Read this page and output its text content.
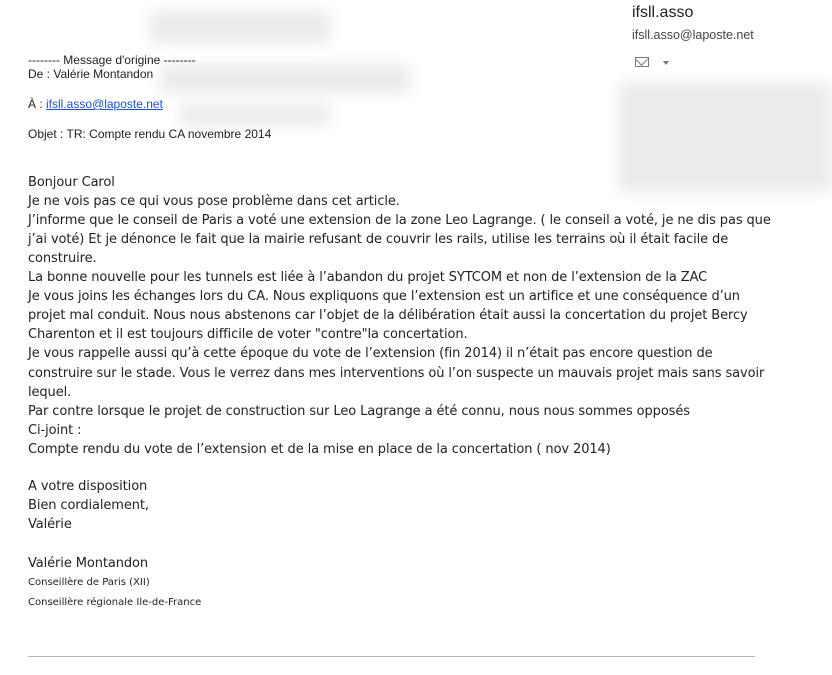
ifsll.asso
ifsll.asso@laposte.net
-------- Message d'origine --------
De : Valérie Montandon
À : ifsll.asso@laposte.net
Objet : TR: Compte rendu CA novembre 2014
Bonjour Carol
Je ne vois pas ce qui vous pose problème dans cet article.
J’informe que le conseil de Paris a voté une extension de la zone Leo Lagrange. ( le conseil a voté, je ne dis pas que
j’ai voté) Et je dénonce le fait que la mairie refusant de couvrir les rails, utilise les terrains où il était facile de
construire.
La bonne nouvelle pour les tunnels est liée à l’abandon du projet SYTCOM et non de l’extension de la ZAC
Je vous joins les échanges lors du CA. Nous expliquons que l’extension est un artifice et une conséquence d’un
projet mal conduit. Nous nous abstenons car l’objet de la délibération était aussi la concertation du projet Bercy
Charenton et il est toujours difficile de voter "contre"la concertation.
Je vous rappelle aussi qu’à cette époque du vote de l’extension (fin 2014) il n’était pas encore question de
construire sur le stade. Vous le verrez dans mes interventions où l’on suspecte un mauvais projet mais sans savoir
lequel.
Par contre lorsque le projet de construction sur Leo Lagrange a été connu, nous nous sommes opposés
Ci-joint :
Compte rendu du vote de l’extension et de la mise en place de la concertation ( nov 2014)
A votre disposition
Bien cordialement,
Valérie
Valérie Montandon
Conseillère de Paris (XII)
Conseillère régionale Ile-de-France
